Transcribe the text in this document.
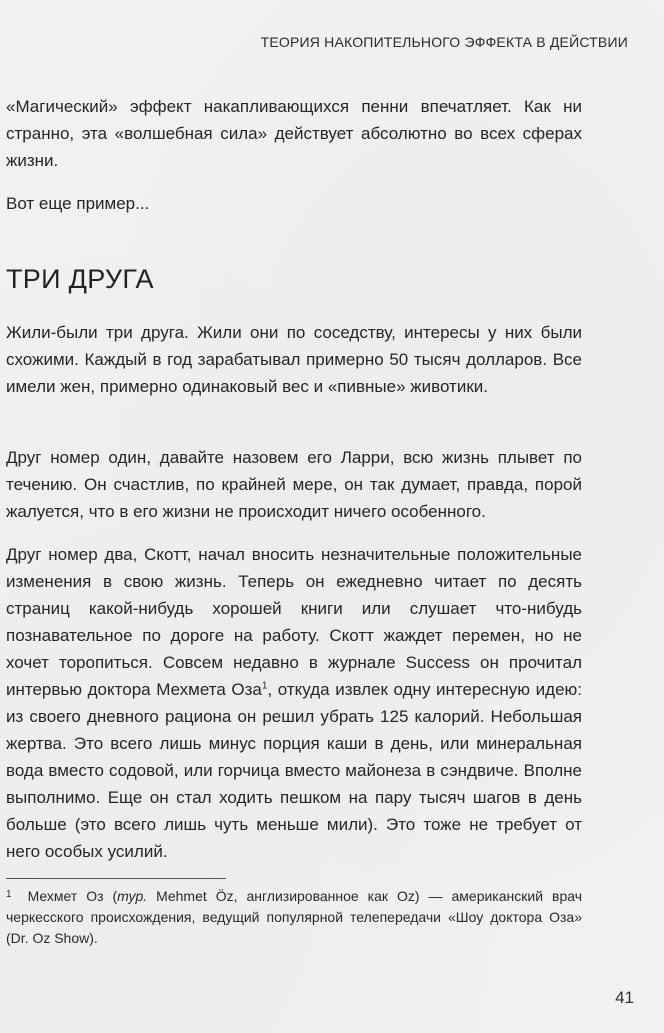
ТЕОРИЯ НАКОПИТЕЛЬНОГО ЭФФЕКТА В ДЕЙСТВИИ
«Магический» эффект накапливающихся пенни впечатляет. Как ни странно, эта «волшебная сила» действует абсолютно во всех сферах жизни.
Вот еще пример...
ТРИ ДРУГА
Жили-были три друга. Жили они по соседству, интересы у них были схожими. Каждый в год зарабатывал примерно 50 тысяч долларов. Все имели жен, примерно одинаковый вес и «пивные» животики.
Друг номер один, давайте назовем его Ларри, всю жизнь плывет по течению. Он счастлив, по крайней мере, он так думает, правда, порой жалуется, что в его жизни не происходит ничего особенного.
Друг номер два, Скотт, начал вносить незначительные положительные изменения в свою жизнь. Теперь он ежедневно читает по десять страниц какой-нибудь хорошей книги или слушает что-нибудь познавательное по дороге на работу. Скотт жаждет перемен, но не хочет торопиться. Совсем недавно в журнале Success он прочитал интервью доктора Мехмета Оза$^1$, откуда извлек одну интересную идею: из своего дневного рациона он решил убрать 125 калорий. Небольшая жертва. Это всего лишь минус порция каши в день, или минеральная вода вместо содовой, или горчица вместо майонеза в сэндвиче. Вполне выполнимо. Еще он стал ходить пешком на пару тысяч шагов в день больше (это всего лишь чуть меньше мили). Это тоже не требует от него особых усилий.
$^1$ Мехмет Оз (тур. Mehmet Öz, англизированное как Oz) — американский врач черкесского происхождения, ведущий популярной телепередачи «Шоу доктора Оза» (Dr. Oz Show).
41
